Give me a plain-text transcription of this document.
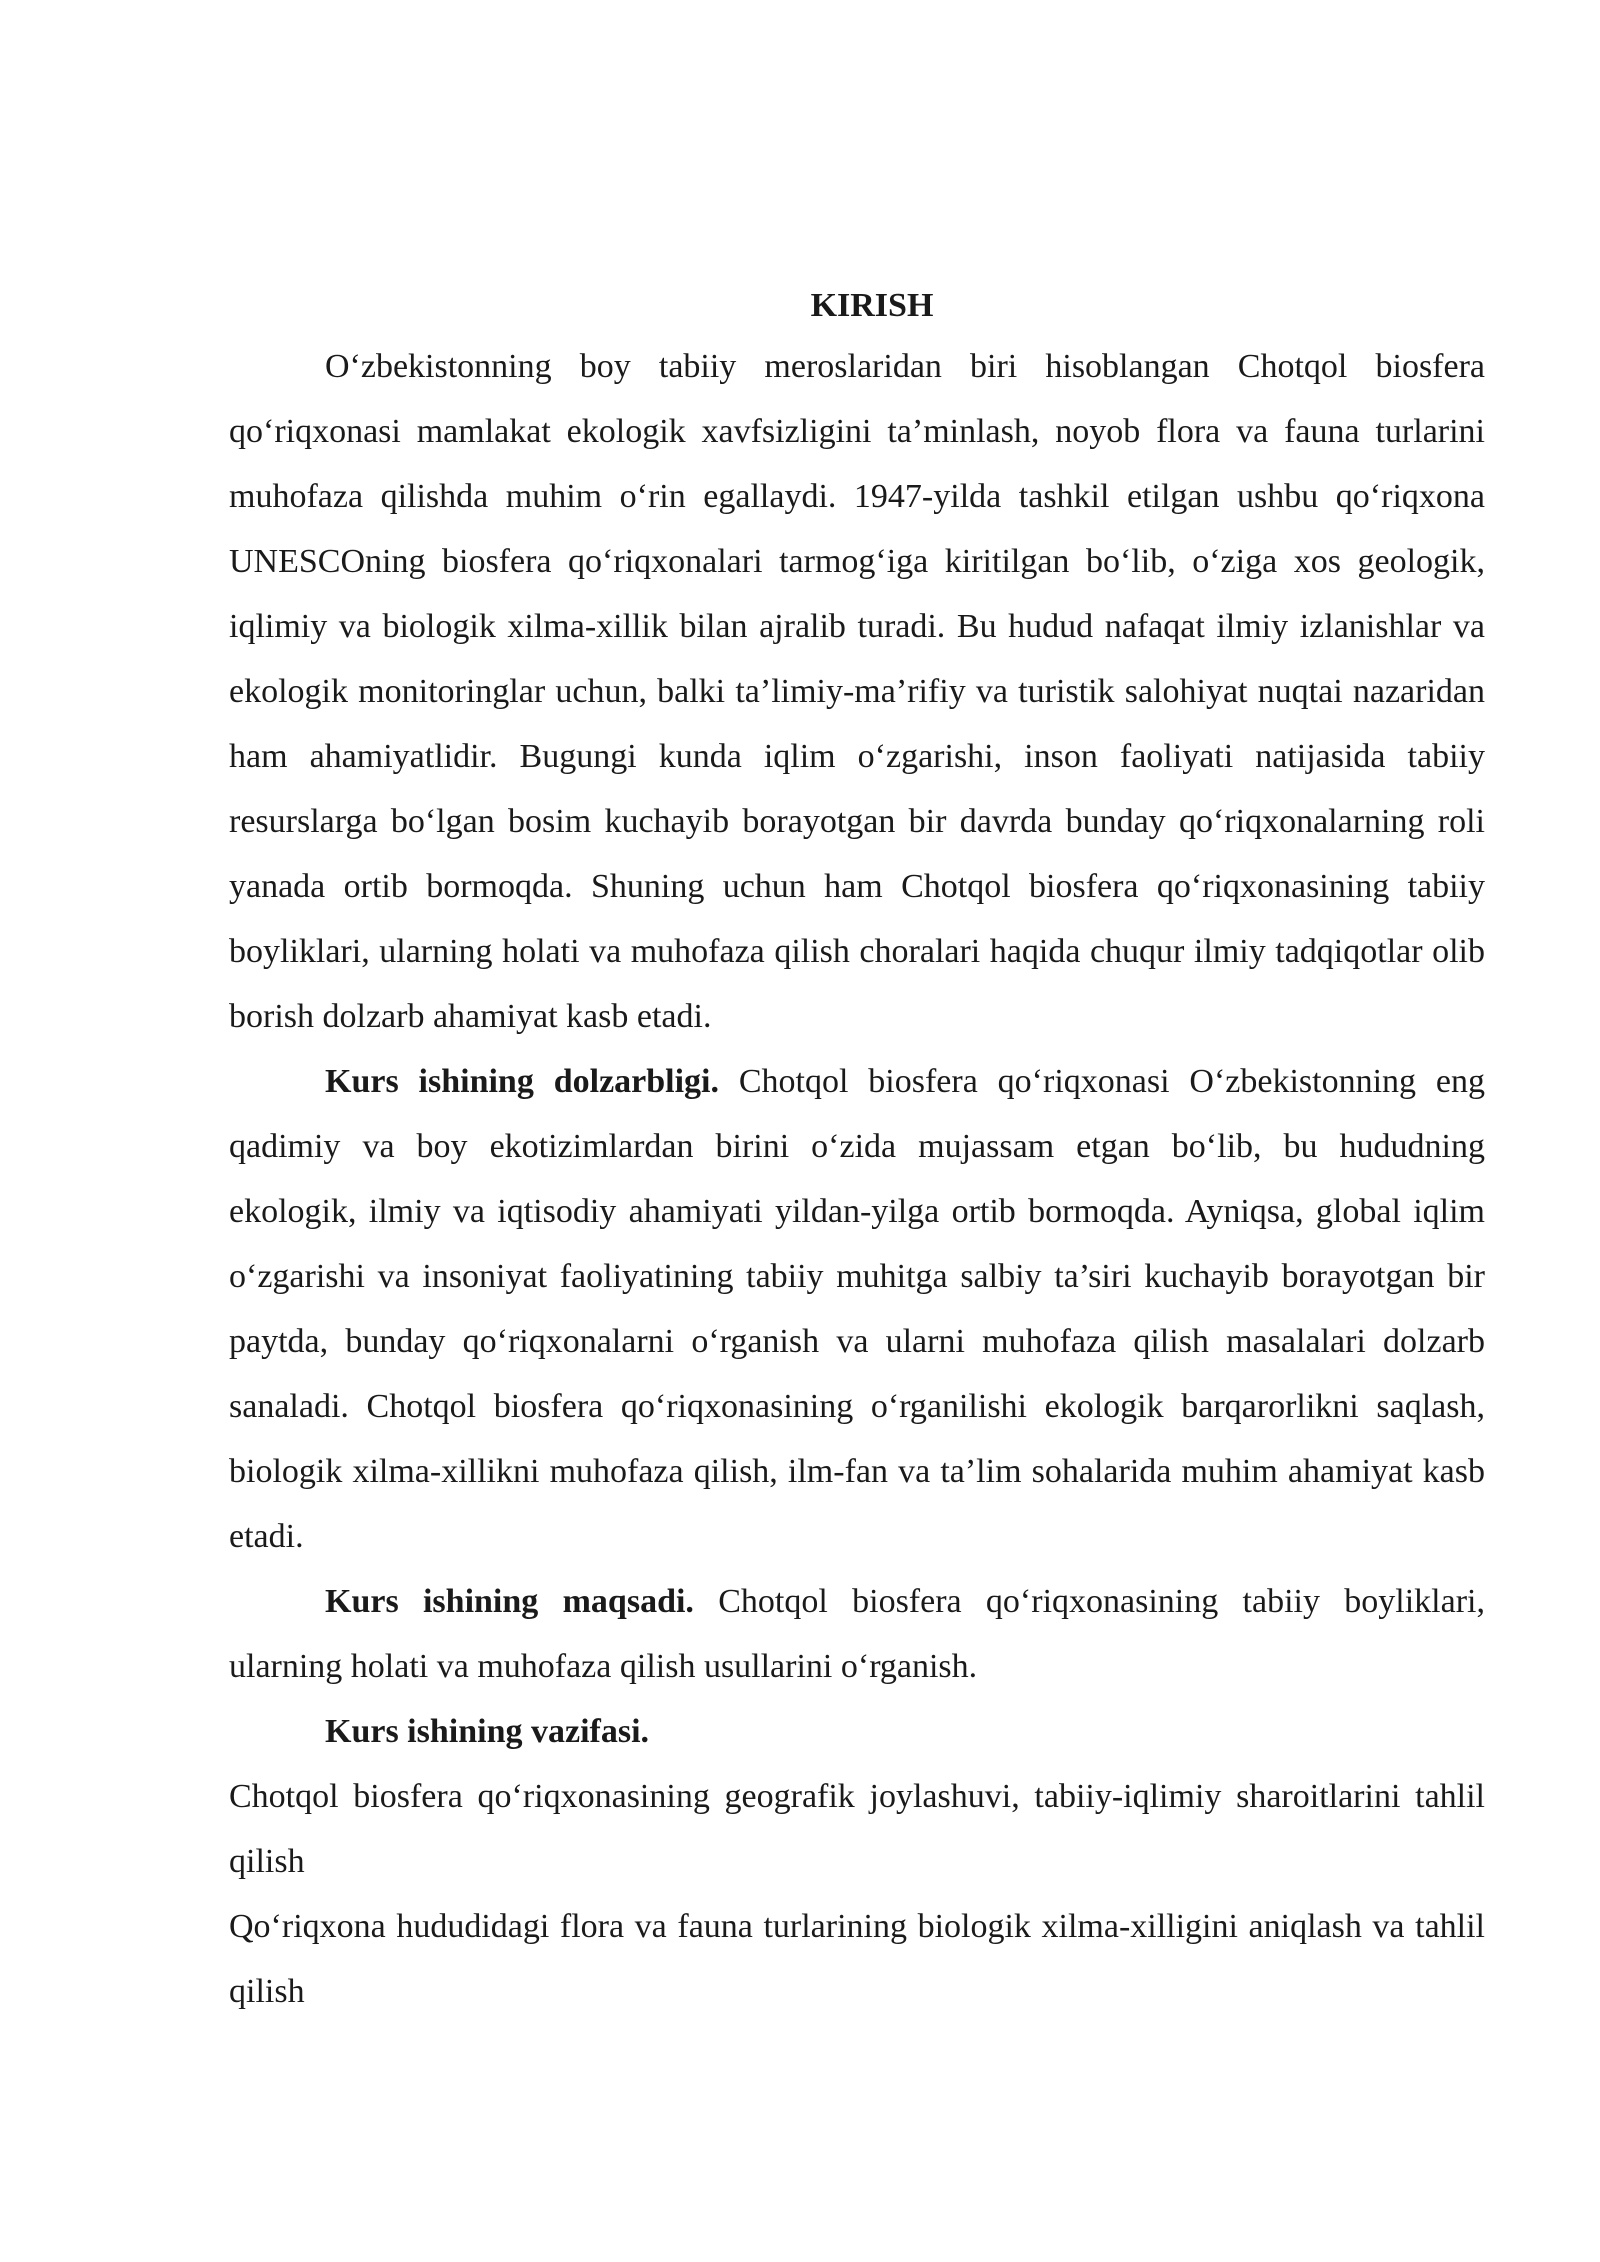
KIRISH

O‘zbekistonning boy tabiiy meroslaridan biri hisoblangan Chotqol biosfera qo‘riqxonasi mamlakat ekologik xavfsizligini ta’minlash, noyob flora va fauna turlarini muhofaza qilishda muhim o‘rin egallaydi. 1947-yilda tashkil etilgan ushbu qo‘riqxona UNESCOning biosfera qo‘riqxonalari tarmog‘iga kiritilgan bo‘lib, o‘ziga xos geologik, iqlimiy va biologik xilma-xillik bilan ajralib turadi. Bu hudud nafaqat ilmiy izlanishlar va ekologik monitoringlar uchun, balki ta’limiy-ma’rifiy va turistik salohiyat nuqtai nazaridan ham ahamiyatlidir. Bugungi kunda iqlim o‘zgarishi, inson faoliyati natijasida tabiiy resurslarga bo‘lgan bosim kuchayib borayotgan bir davrda bunday qo‘riqxonalarning roli yanada ortib bormoqda. Shuning uchun ham Chotqol biosfera qo‘riqxonasining tabiiy boyliklari, ularning holati va muhofaza qilish choralari haqida chuqur ilmiy tadqiqotlar olib borish dolzarb ahamiyat kasb etadi.

Kurs ishining dolzarbligi. Chotqol biosfera qo‘riqxonasi O‘zbekistonning eng qadimiy va boy ekotizimlardan birini o‘zida mujassam etgan bo‘lib, bu hududning ekologik, ilmiy va iqtisodiy ahamiyati yildan-yilga ortib bormoqda. Ayniqsa, global iqlim o‘zgarishi va insoniyat faoliyatining tabiiy muhitga salbiy ta’siri kuchayib borayotgan bir paytda, bunday qo‘riqxonalarni o‘rganish va ularni muhofaza qilish masalalari dolzarb sanaladi. Chotqol biosfera qo‘riqxonasining o‘rganilishi ekologik barqarorlikni saqlash, biologik xilma-xillikni muhofaza qilish, ilm-fan va ta’lim sohalarida muhim ahamiyat kasb etadi.

Kurs ishining maqsadi. Chotqol biosfera qo‘riqxonasining tabiiy boyliklari, ularning holati va muhofaza qilish usullarini o‘rganish.

Kurs ishining vazifasi.

Chotqol biosfera qo‘riqxonasining geografik joylashuvi, tabiiy-iqlimiy sharoitlarini tahlil qilish

Qo‘riqxona hududidagi flora va fauna turlarining biologik xilma-xilligini aniqlash va tahlil qilish
